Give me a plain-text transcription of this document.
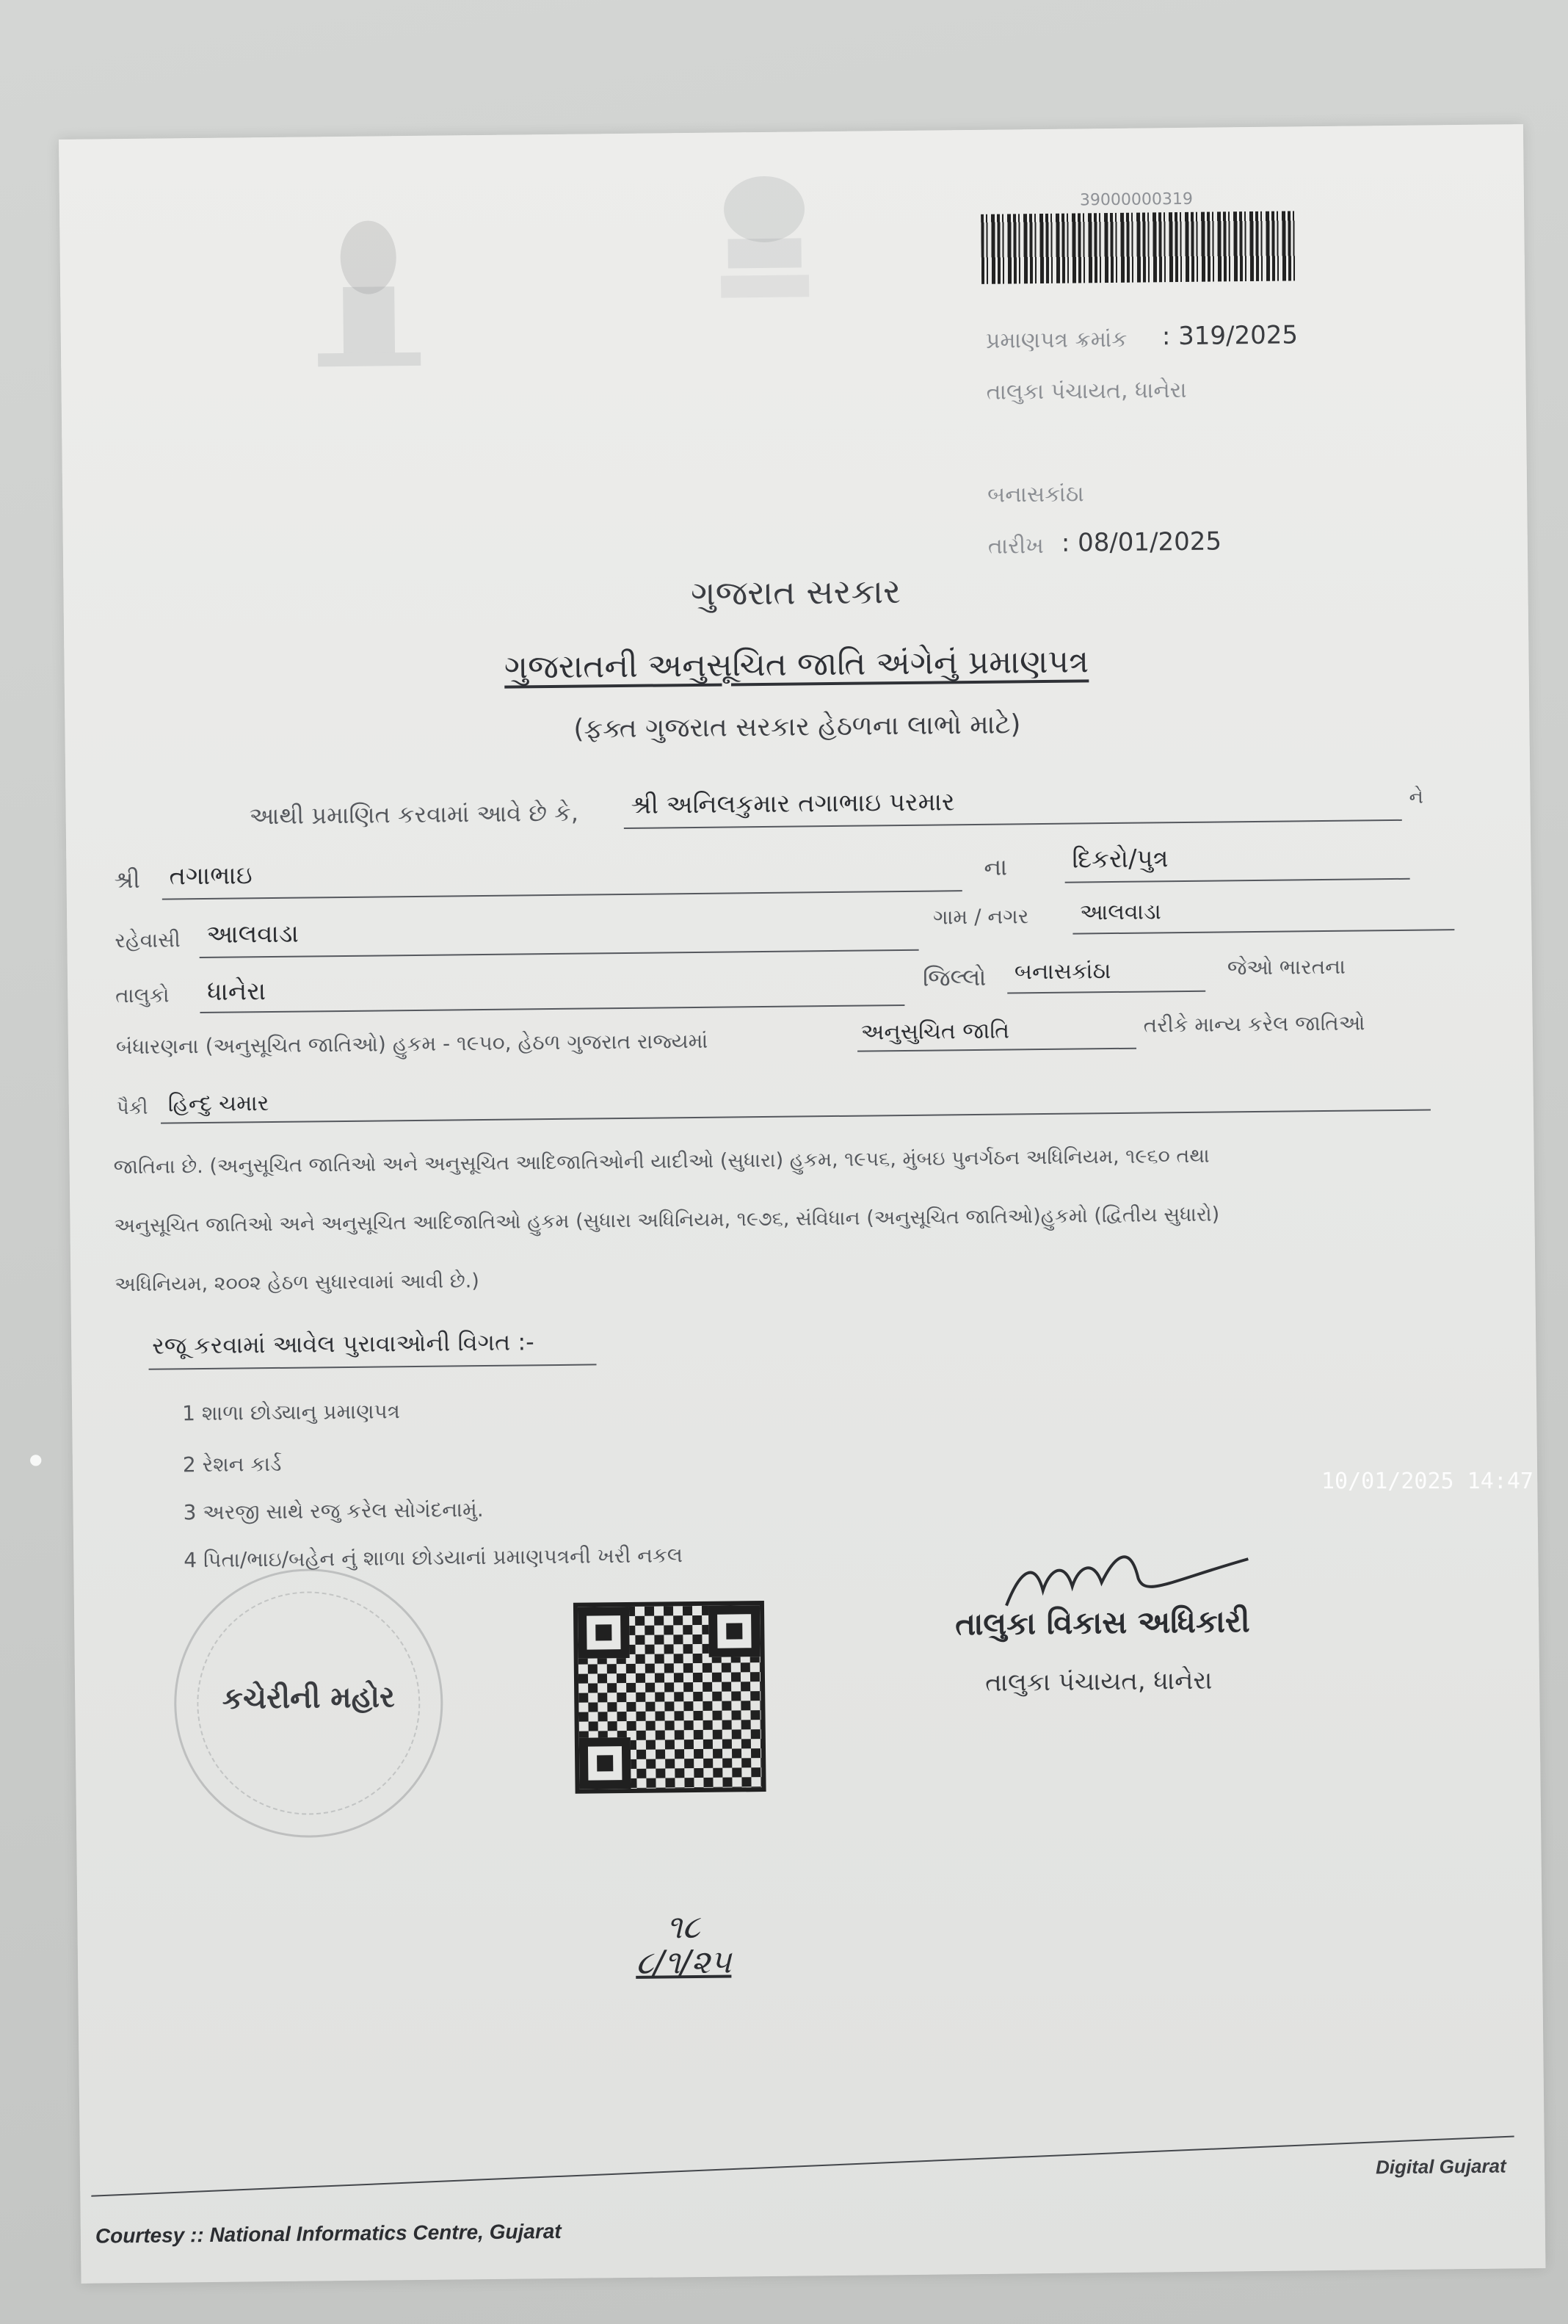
39000000319
પ્રમાણપત્ર ક્રમાંક : 319/2025
તાલુકા પંચાયત, ધાનેરા
બનાસકાંઠા
તારીખ : 08/01/2025
ગુજરાત સરકાર
ગુજરાતની અનુસૂચિત જાતિ અંગેનું પ્રમાણપત્ર
(ફક્ત ગુજરાત સરકાર હેઠળના લાભો માટે)
આથી પ્રમાણિત કરવામાં આવે છે કે, શ્રી અનિલકુમાર તગાભાઇ પરમાર	ને
શ્રી તગાભાઇ	ના	દિકરો/પુત્ર
રહેવાસી આલવાડા
ગામ / નગર આલવાડા
તાલુકો ધાનેરા	જિલ્લો બનાસકાંઠા	જેઓ ભારતના
બંધારણના (અનુસૂચિત જાતિઓ) હુકમ - ૧૯૫૦, હેઠળ ગુજરાત રાજ્યમાં	અનુસુચિત જાતિ	તરીકે માન્ય કરેલ જાતિઓ
પૈકી હિન્દુ ચમાર
જાતિના છે. (અનુસૂચિત જાતિઓ અને અનુસૂચિત આદિજાતિઓની યાદીઓ (સુધારા) હુકમ, ૧૯૫૬, મુંબઇ પુનર્ગઠન અધિનિયમ, ૧૯૬૦ તથા
અનુસૂચિત જાતિઓ અને અનુસૂચિત આદિજાતિઓ હુકમ (સુધારા અધિનિયમ, ૧૯૭૬, સંવિધાન (અનુસૂચિત જાતિઓ)હુકમો (દ્વિતીય સુધારો)
અધિનિયમ, ૨૦૦૨ હેઠળ સુધારવામાં આવી છે.)
રજૂ કરવામાં આવેલ પુરાવાઓની વિગત :-
1 શાળા છોડ્યાનુ પ્રમાણપત્ર
2 રેશન કાર્ડ
3 અરજી સાથે રજુ કરેલ સોગંદનામું.
4 પિતા/ભાઇ/બહેન નું શાળા છોડયાનાં પ્રમાણપત્રની ખરી નકલ
કચેરીની મહોર
૧૮
૮/૧/૨૫
તાલુકા વિકાસ અધિકારી
તાલુકા પંચાયત, ધાનેરા
Digital Gujarat
Courtesy :: National Informatics Centre, Gujarat
10/01/2025 14:47
●
